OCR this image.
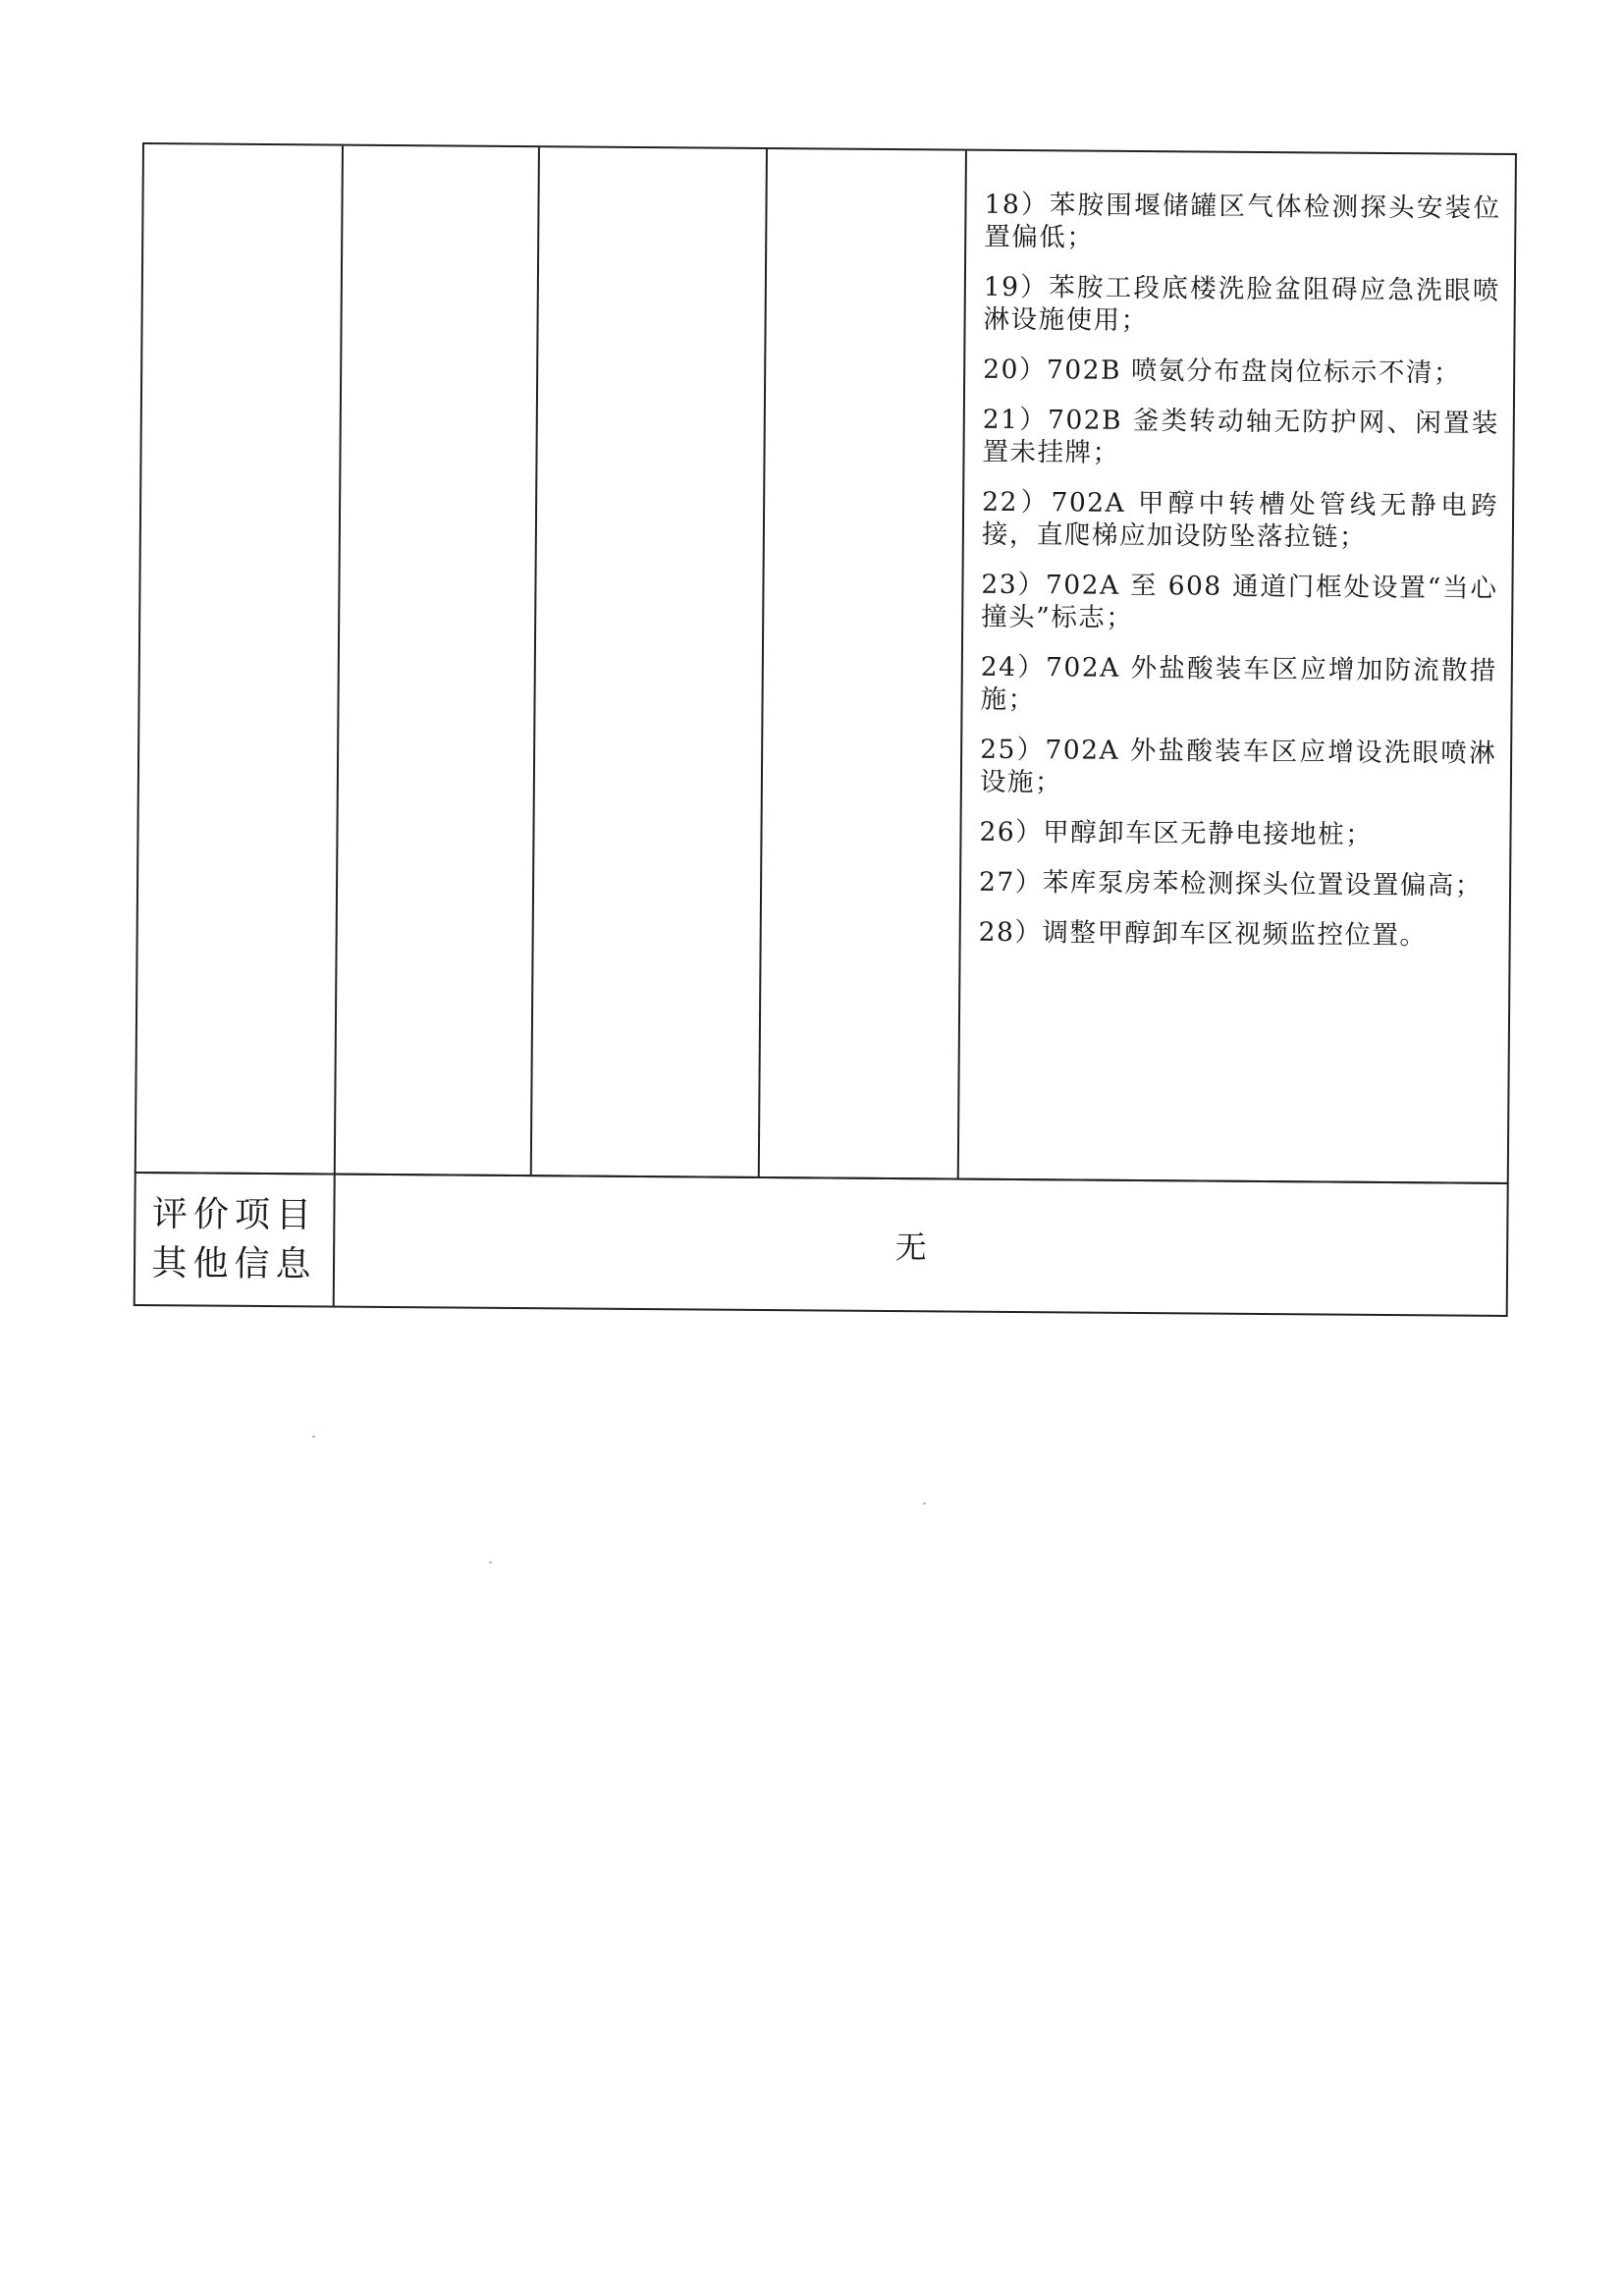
18）苯胺围堰储罐区气体检测探头安装位置偏低；

19）苯胺工段底楼洗脸盆阻碍应急洗眼喷淋设施使用；

20）702B 喷氨分布盘岗位标示不清；

21）702B 釜类转动轴无防护网、闲置装置未挂牌；

22）702A 甲醇中转槽处管线无静电跨接，直爬梯应加设防坠落拉链；

23）702A 至 608 通道门框处设置“当心撞头”标志；

24）702A 外盐酸装车区应增加防流散措施；

25）702A 外盐酸装车区应增设洗眼喷淋设施；

26）甲醇卸车区无静电接地桩；

27）苯库泵房苯检测探头位置设置偏高；

28）调整甲醇卸车区视频监控位置。

评价项目
其他信息	无
